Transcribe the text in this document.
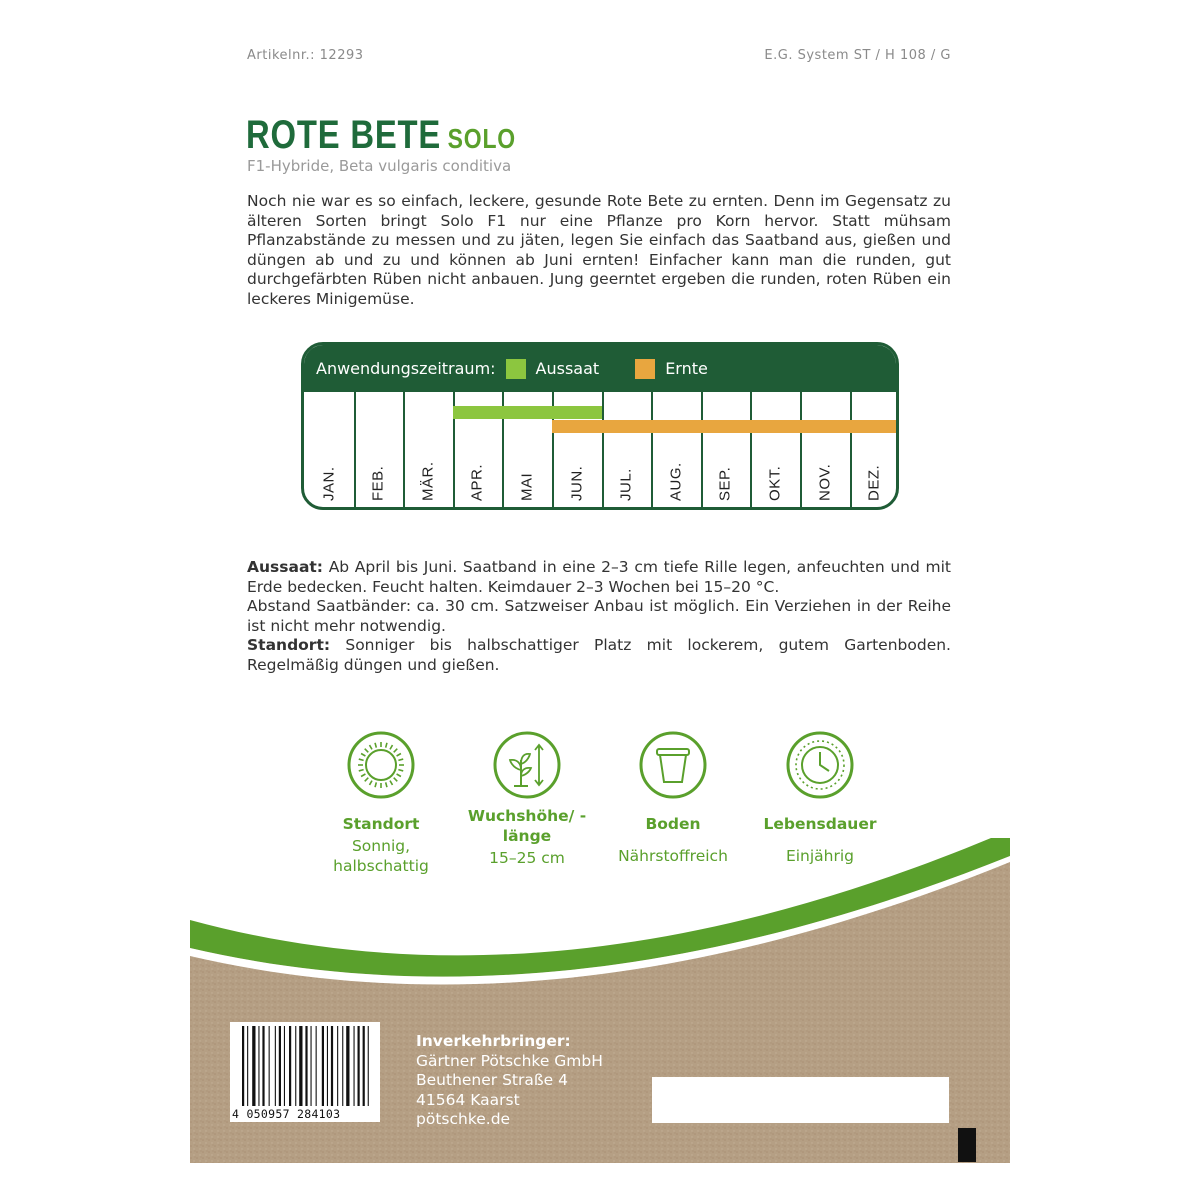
Artikelnr.: 12293	E.G. System ST / H 108 / G
ROTE BETE SOLO
F1-Hybride, Beta vulgaris conditiva
Noch nie war es so einfach, leckere, gesunde Rote Bete zu ernten. Denn im Gegensatz zu älteren Sorten bringt Solo F1 nur eine Pflanze pro Korn hervor. Statt mühsam Pflanzabstände zu messen und zu jäten, legen Sie einfach das Saatband aus, gießen und düngen ab und zu und können ab Juni ernten! Einfacher kann man die runden, gut durchgefärbten Rüben nicht anbauen. Jung geerntet ergeben die runden, roten Rüben ein leckeres Minigemüse.
Anwendungszeitraum:	Aussaat	Ernte
JAN. FEB. MÄR. APR. MAI JUN. JUL. AUG. SEP. OKT. NOV. DEZ.
Aussaat: Ab April bis Juni. Saatband in eine 2–3 cm tiefe Rille legen, anfeuchten und mit Erde bedecken. Feucht halten. Keimdauer 2–3 Wochen bei 15–20 °C.
Abstand Saatbänder: ca. 30 cm. Satzweiser Anbau ist möglich. Ein Verziehen in der Reihe ist nicht mehr notwendig.
Standort: Sonniger bis halbschattiger Platz mit lockerem, gutem Gartenboden. Regelmäßig düngen und gießen.
Standort
Sonnig, halbschattig
Wuchshöhe/ -länge
15–25 cm
Boden
Nährstoffreich
Lebensdauer
Einjährig
4 050957 284103
Inverkehrbringer:
Gärtner Pötschke GmbH
Beuthener Straße 4
41564 Kaarst
pötschke.de
